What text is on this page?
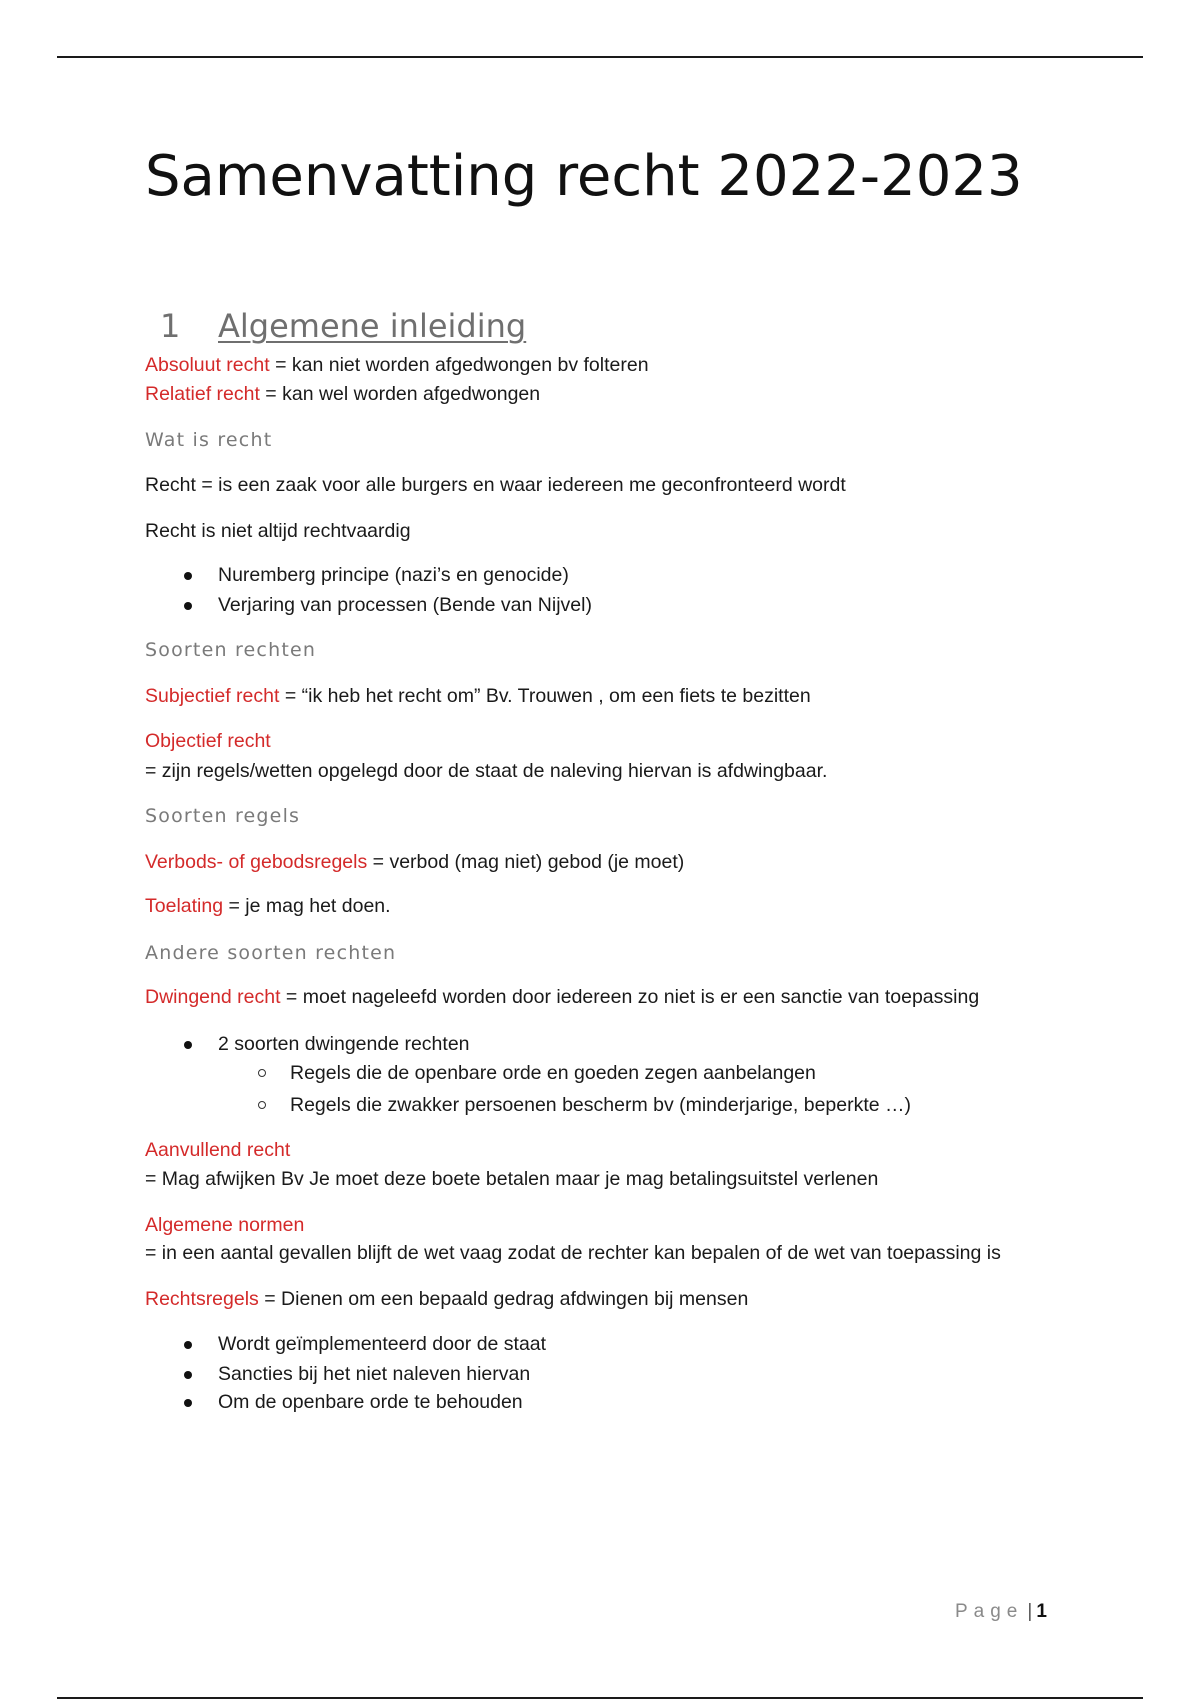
Samenvatting recht 2022-2023
1 Algemene inleiding
Absoluut recht = kan niet worden afgedwongen bv folteren
Relatief recht = kan wel worden afgedwongen
Wat is recht
Recht = is een zaak voor alle burgers en waar iedereen me geconfronteerd wordt
Recht is niet altijd rechtvaardig
Nuremberg principe (nazi’s en genocide)
Verjaring van processen (Bende van Nijvel)
Soorten rechten
Subjectief recht = “ik heb het recht om” Bv. Trouwen , om een fiets te bezitten
Objectief recht
= zijn regels/wetten opgelegd door de staat de naleving hiervan is afdwingbaar.
Soorten regels
Verbods- of gebodsregels = verbod (mag niet) gebod (je moet)
Toelating = je mag het doen.
Andere soorten rechten
Dwingend recht = moet nageleefd worden door iedereen zo niet is er een sanctie van toepassing
2 soorten dwingende rechten
Regels die de openbare orde en goeden zegen aanbelangen
Regels die zwakker persoenen bescherm bv (minderjarige, beperkte …)
Aanvullend recht
= Mag afwijken Bv Je moet deze boete betalen maar je mag betalingsuitstel verlenen
Algemene normen
= in een aantal gevallen blijft de wet vaag zodat de rechter kan bepalen of de wet van toepassing is
Rechtsregels = Dienen om een bepaald gedrag afdwingen bij mensen
Wordt geïmplementeerd door de staat
Sancties bij het niet naleven hiervan
Om de openbare orde te behouden
Page | 1
